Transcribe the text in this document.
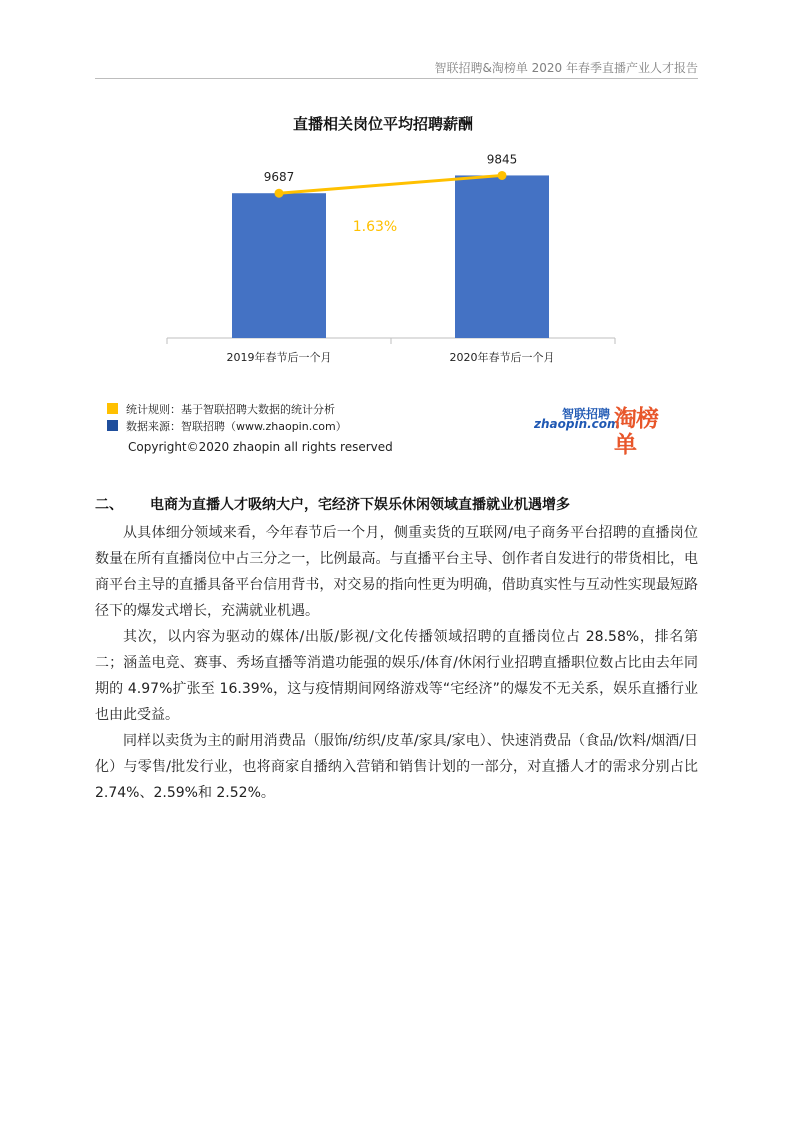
智联招聘&淘榜单 2020 年春季直播产业人才报告
直播相关岗位平均招聘薪酬
9687
2019年春节后一个月
9845
2020年春节后一个月
1.63%
统计规则：基于智联招聘大数据的统计分析
数据来源：智联招聘（www.zhaopin.com）
智联招聘
zhaopin.com
淘榜单
Copyright©2020 zhaopin all rights reserved
二、 电商为直播人才吸纳大户，宅经济下娱乐休闲领域直播就业机遇增多

从具体细分领域来看，今年春节后一个月，侧重卖货的互联网/电子商务平台招聘的直播岗位数量在所有直播岗位中占三分之一，比例最高。与直播平台主导、创作者自发进行的带货相比，电商平台主导的直播具备平台信用背书，对交易的指向性更为明确，借助真实性与互动性实现最短路径下的爆发式增长，充满就业机遇。

其次，以内容为驱动的媒体/出版/影视/文化传播领域招聘的直播岗位占 28.58%，排名第二；涵盖电竞、赛事、秀场直播等消遣功能强的娱乐/体育/休闲行业招聘直播职位数占比由去年同期的 4.97%扩张至 16.39%，这与疫情期间网络游戏等“宅经济”的爆发不无关系，娱乐直播行业也由此受益。

同样以卖货为主的耐用消费品（服饰/纺织/皮革/家具/家电）、快速消费品（食品/饮料/烟酒/日化）与零售/批发行业，也将商家自播纳入营销和销售计划的一部分，对直播人才的需求分别占比 2.74%、2.59%和 2.52%。
